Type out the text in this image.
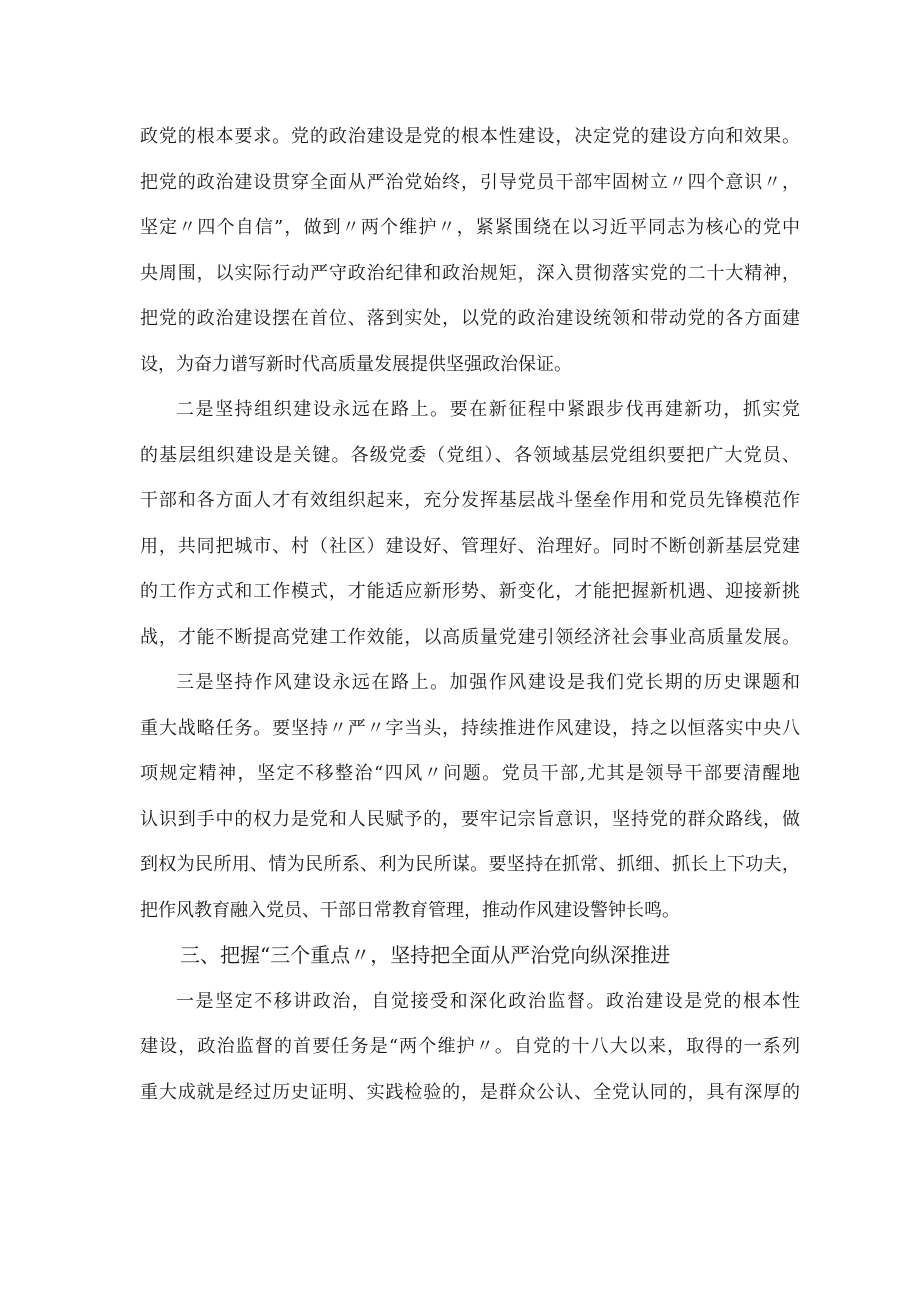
政党的根本要求。党的政治建设是党的根本性建设，决定党的建设方向和效果。
把党的政治建设贯穿全面从严治党始终，引导党员干部牢固树立〃四个意识〃，
坚定〃四个自信”，做到〃两个维护〃，紧紧围绕在以习近平同志为核心的党中
央周围，以实际行动严守政治纪律和政治规矩，深入贯彻落实党的二十大精神，
把党的政治建设摆在首位、落到实处，以党的政治建设统领和带动党的各方面建
设，为奋力谱写新时代高质量发展提供坚强政治保证。
二是坚持组织建设永远在路上。要在新征程中紧跟步伐再建新功，抓实党
的基层组织建设是关键。各级党委（党组）、各领域基层党组织要把广大党员、
干部和各方面人才有效组织起来，充分发挥基层战斗堡垒作用和党员先锋模范作
用，共同把城市、村（社区）建设好、管理好、治理好。同时不断创新基层党建
的工作方式和工作模式，才能适应新形势、新变化，才能把握新机遇、迎接新挑
战，才能不断提高党建工作效能，以高质量党建引领经济社会事业高质量发展。
三是坚持作风建设永远在路上。加强作风建设是我们党长期的历史课题和
重大战略任务。要坚持〃严〃字当头，持续推进作风建设，持之以恒落实中央八
项规定精神，坚定不移整治“四风〃问题。党员干部,尤其是领导干部要清醒地
认识到手中的权力是党和人民赋予的，要牢记宗旨意识，坚持党的群众路线，做
到权为民所用、情为民所系、利为民所谋。要坚持在抓常、抓细、抓长上下功夫，
把作风教育融入党员、干部日常教育管理，推动作风建设警钟长鸣。
三、把握“三个重点〃，坚持把全面从严治党向纵深推进
一是坚定不移讲政治，自觉接受和深化政治监督。政治建设是党的根本性
建设，政治监督的首要任务是“两个维护〃。自党的十八大以来，取得的一系列
重大成就是经过历史证明、实践检验的，是群众公认、全党认同的，具有深厚的
